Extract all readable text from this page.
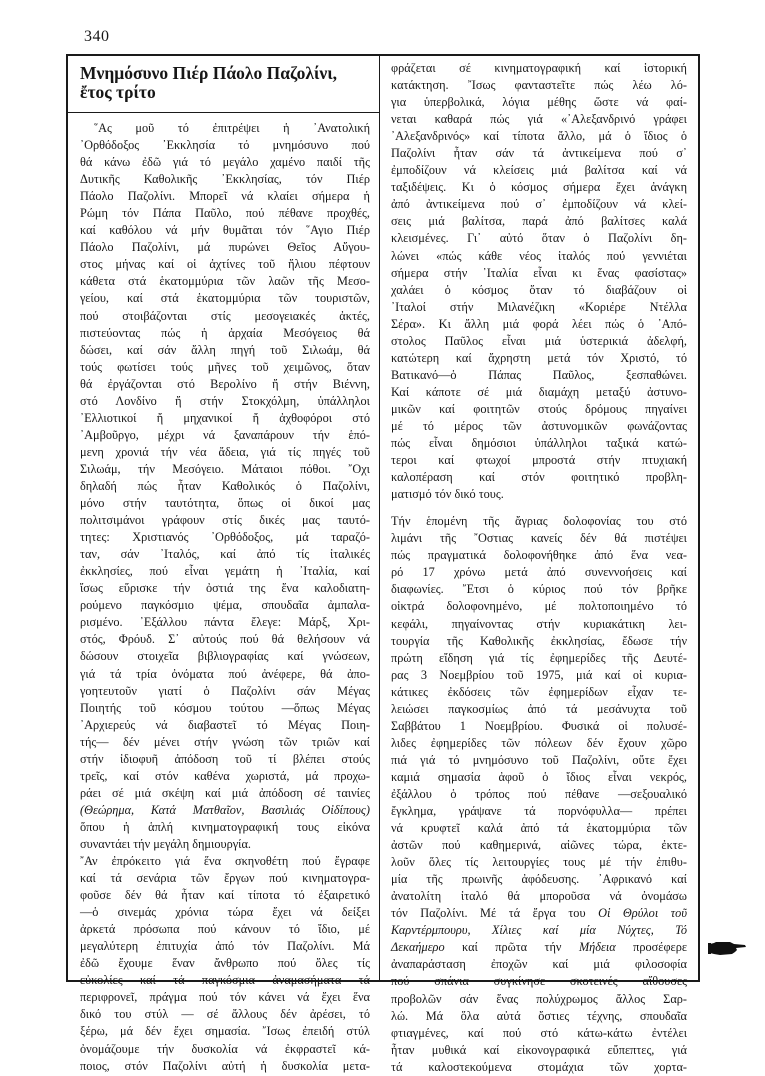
340
Μνημόσυνο Πιέρ Πάολο Παζολίνι,
ἔτος τρίτο
῞Ας μοῦ τό ἐπιτρέψει ἡ ᾽Ανατολική
᾽Ορθόδοξος ᾽Εκκλησία τό μνημόσυνο πού
θά κάνω ἐδῶ γιά τό μεγάλο χαμένο παιδί τῆς
Δυτικῆς Καθολικῆς ᾽Εκκλησίας, τόν Πιέρ
Πάολο Παζολίνι. Μπορεῖ νά κλαίει σήμερα ἡ
Ρώμη τόν Πάπα Παῦλο, πού πέθανε προχθές,
καί καθόλου νά μήν θυμᾶται τόν ῞Αγιο Πιέρ
Πάολο Παζολίνι, μά πυρώνει Θεῖος Αὔγου-
στος μήνας καί οἱ ἀχτίνες τοῦ ἥλιου πέφτουν
κάθετα στά ἑκατομμύρια τῶν λαῶν τῆς Μεσο-
γείου, καί στά ἑκατομμύρια τῶν τουριστῶν,
πού στοιβάζονται στίς μεσογειακές ἀκτές,
πιστεύοντας πώς ἡ ἀρχαία Μεσόγειος θά
δώσει, καί σάν ἄλλη πηγή τοῦ Σιλωάμ, θά
τούς φωτίσει τούς μῆνες τοῦ χειμῶνος, ὅταν
θά ἐργάζονται στό Βερολίνο ἤ στήν Βιέννη,
στό Λονδίνο ἤ στήν Στοκχόλμη, ὑπάλληλοι
᾽Ελλιοτικοί ἤ μηχανικοί ἤ ἀχθοφόροι στό
᾽Αμβοῦργο, μέχρι νά ξαναπάρουν τήν ἑπό-
μενη χρονιά τήν νέα ἄδεια, γιά τίς πηγές τοῦ
Σιλωάμ, τήν Μεσόγειο. Μάταιοι πόθοι. ῎Οχι
δηλαδή πώς ἦταν Καθολικός ὁ Παζολίνι,
μόνο στήν ταυτότητα, ὅπως οἱ δικοί μας
πολιτσιμάνοι γράφουν στίς δικές μας ταυτό-
τητες: Χριστιανός ᾽Ορθόδοξος, μά ταραζό-
ταν, σάν ᾽Ιταλός, καί ἀπό τίς ἰταλικές
ἐκκλησίες, πού εἶναι γεμάτη ἡ ᾽Ιταλία, καί
ἴσως εὕρισκε τήν ὀστιά της ἕνα καλοδιατη-
ρούμενο παγκόσμιο ψέμα, σπουδαῖα ἀμπαλα-
ρισμένο. ᾽Εξάλλου πάντα ἔλεγε: Μάρξ, Χρι-
στός, Φρόυδ. Σ᾽ αὐτούς πού θά θελήσουν νά
δώσουν στοιχεῖα βιβλιογραφίας καί γνώσεων,
γιά τά τρία ὀνόματα πού ἀνέφερε, θά ἀπο-
γοητευτοῦν γιατί ὁ Παζολίνι σάν Μέγας
Ποιητής τοῦ κόσμου τούτου —ὅπως Μέγας
᾽Αρχιερεύς νά διαβαστεῖ τό Μέγας Ποιη-
τής— δέν μένει στήν γνώση τῶν τριῶν καί
στήν ἰδιοφυῆ ἀπόδοση τοῦ τί βλέπει στούς
τρεῖς, καί στόν καθένα χωριστά, μά προχω-
ράει σέ μιά σκέψη καί μιά ἀπόδοση σέ ταινίες
(Θεώρημα, Κατά Ματθαῖον, Βασιλιάς Οἰδίπους)
ὅπου ἡ ἁπλή κινηματογραφική τους εἰκόνα
συναντάει τήν μεγάλη δημιουργία.
῎Αν ἐπρόκειτο γιά ἕνα σκηνοθέτη πού ἔγραφε
καί τά σενάρια τῶν ἔργων πού κινηματογρα-
φοῦσε δέν θά ἦταν καί τίποτα τό ἐξαιρετικό
—ὁ σινεμάς χρόνια τώρα ἔχει νά δείξει
ἀρκετά πρόσωπα πού κάνουν τό ἴδιο, μέ
μεγαλύτερη ἐπιτυχία ἀπό τόν Παζολίνι. Μά
ἐδῶ ἔχουμε ἕναν ἄνθρωπο πού ὅλες τίς
εὐκολίες καί τά παγκόσμια ἀναμασήματα τά
περιφρονεῖ, πράγμα πού τόν κάνει νά ἔχει ἕνα
δικό του στύλ — σέ ἄλλους δέν ἀρέσει, τό
ξέρω, μά δέν ἔχει σημασία. ῎Ισως ἐπειδή στύλ
ὀνομάζουμε τήν δυσκολία νά ἐκφραστεῖ κά-
ποιος, στόν Παζολίνι αὐτή ἡ δυσκολία μετα-
φράζεται σέ κινηματογραφική καί ἱστορική
κατάκτηση. ῎Ισως φανταστεῖτε πώς λέω λό-
για ὑπερβολικά, λόγια μέθης ὥστε νά φαί-
νεται καθαρά πώς γιά «᾽Αλεξανδρινό γράφει
᾽Αλεξανδρινός» καί τίποτα ἄλλο, μά ὁ ἴδιος ὁ
Παζολίνι ἦταν σάν τά ἀντικείμενα πού σ᾽
ἐμποδίζουν νά κλείσεις μιά βαλίτσα καί νά
ταξιδέψεις. Κι ὁ κόσμος σήμερα ἔχει ἀνάγκη
ἀπό ἀντικείμενα πού σ᾽ ἐμποδίζουν νά κλεί-
σεις μιά βαλίτσα, παρά ἀπό βαλίτσες καλά
κλεισμένες. Γι᾽ αὐτό ὅταν ὁ Παζολίνι δη-
λώνει «πώς κάθε νέος ἰταλός πού γεννιέται
σήμερα στήν ᾽Ιταλία εἶναι κι ἕνας φασίστας»
χαλάει ὁ κόσμος ὅταν τό διαβάζουν οἱ
᾽Ιταλοί στήν Μιλανέζικη «Κοριέρε Ντέλλα
Σέρα». Κι ἄλλη μιά φορά λέει πώς ὁ ᾽Από-
στολος Παῦλος εἶναι μιά ὑστερικιά ἀδελφή,
κατώτερη καί ἄχρηστη μετά τόν Χριστό, τό
Βατικανό—ὁ Πάπας Παῦλος, ξεσπαθώνει.
Καί κάποτε σέ μιά διαμάχη μεταξύ ἀστυνο-
μικῶν καί φοιτητῶν στούς δρόμους πηγαίνει
μέ τό μέρος τῶν ἀστυνομικῶν φωνάζοντας
πώς εἶναι δημόσιοι ὑπάλληλοι ταξικά κατώ-
τεροι καί φτωχοί μπροστά στήν πτυχιακή
καλοπέραση καί στόν φοιτητικό προβλη-
ματισμό τόν δικό τους.
Τήν ἑπομένη τῆς ἄγριας δολοφονίας του στό
λιμάνι τῆς ῎Οστιας κανείς δέν θά πιστέψει
πώς πραγματικά δολοφονήθηκε ἀπό ἕνα νεα-
ρό 17 χρόνω μετά ἀπό συνεννοήσεις καί
διαφωνίες. ῎Ετσι ὁ κύριος πού τόν βρῆκε
οἰκτρά δολοφονημένο, μέ πολτοποιημένο τό
κεφάλι, πηγαίνοντας στήν κυριακάτικη λει-
τουργία τῆς Καθολικῆς ἐκκλησίας, ἔδωσε τήν
πρώτη εἴδηση γιά τίς ἐφημερίδες τῆς Δευτέ-
ρας 3 Νοεμβρίου τοῦ 1975, μιά καί οἱ κυρια-
κάτικες ἐκδόσεις τῶν ἐφημερίδων εἶχαν τε-
λειώσει παγκοσμίως ἀπό τά μεσάνυχτα τοῦ
Σαββάτου 1 Νοεμβρίου. Φυσικά οἱ πολυσέ-
λιδες ἐφημερίδες τῶν πόλεων δέν ἔχουν χῶρο
πιά γιά τό μνημόσυνο τοῦ Παζολίνι, οὔτε ἔχει
καμιά σημασία ἀφοῦ ὁ ἴδιος εἶναι νεκρός,
ἐξάλλου ὁ τρόπος πού πέθανε —σεξουαλικό
ἔγκλημα, γράψανε τά πορνόφυλλα— πρέπει
νά κρυφτεῖ καλά ἀπό τά ἑκατομμύρια τῶν
ἀστῶν πού καθημερινά, αἰῶνες τώρα, ἐκτε-
λοῦν ὅλες τίς λειτουργίες τους μέ τήν ἐπιθυ-
μία τῆς πρωινῆς ἀφόδευσης. ᾽Αφρικανό καί
ἀνατολίτη ἰταλό θά μποροῦσα νά ὀνομάσω
τόν Παζολίνι. Μέ τά ἔργα του Οἱ Θρύλοι τοῦ
Καρντέρμπουρυ, Χίλιες καί μία Νύχτες, Τό
Δεκαήμερο καί πρῶτα τήν Μήδεια προσέφερε
ἀναπαράσταση ἐποχῶν καί μιά φιλοσοφία
πού σπάνια συγκίνησε σκοτεινές αἴθουσες
προβολῶν σάν ἕνας πολύχρωμος ἄλλος Σαρ-
λώ. Μά ὅλα αὐτά ὄστιες τέχνης, σπουδαῖα
φτιαγμένες, καί πού στό κάτω-κάτω ἐντέλει
ἦταν μυθικά καί εἰκονογραφικά εὔπεπτες, γιά
τά καλοστεκούμενα στομάχια τῶν χορτα-
